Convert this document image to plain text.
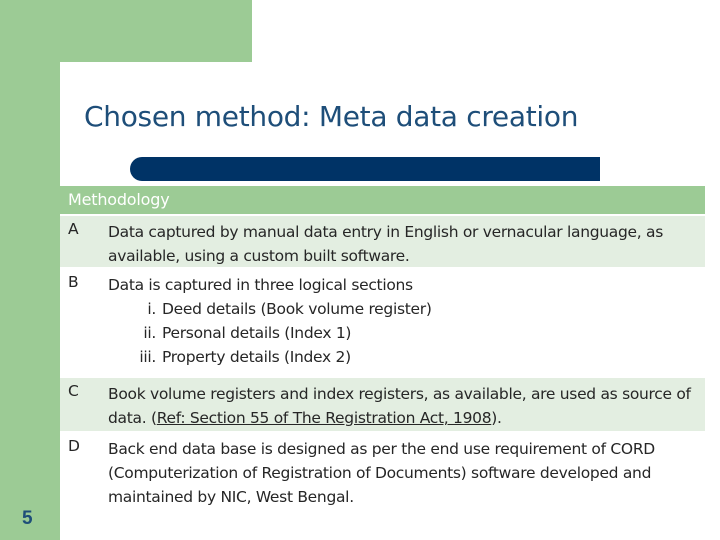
Chosen method: Meta data creation
Methodology
A	Data captured by manual data entry in English or vernacular language, as available, using a custom built software.
B	Data is captured in three logical sections
i. Deed details (Book volume register)
ii. Personal details (Index 1)
iii. Property details (Index 2)
C	Book volume registers and index registers, as available, are used as source of data. (Ref: Section 55 of The Registration Act, 1908).
D	Back end data base is designed as per the end use requirement of CORD (Computerization of Registration of Documents) software developed and maintained by NIC, West Bengal.
5
